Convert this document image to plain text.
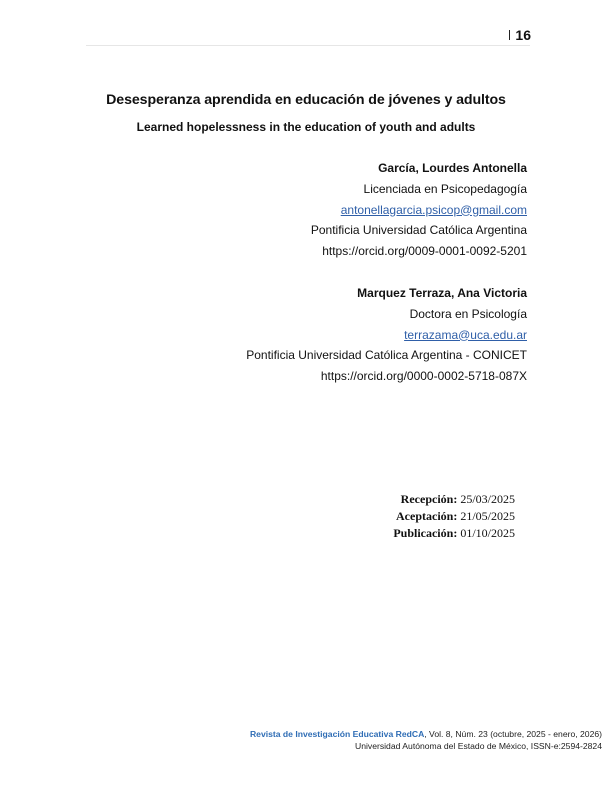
16
Desesperanza aprendida en educación de jóvenes y adultos
Learned hopelessness in the education of youth and adults
García, Lourdes Antonella
Licenciada en Psicopedagogía
antonellagarcia.psicop@gmail.com
Pontificia Universidad Católica Argentina
https://orcid.org/0009-0001-0092-5201
Marquez Terraza, Ana Victoria
Doctora en Psicología
terrazama@uca.edu.ar
Pontificia Universidad Católica Argentina - CONICET
https://orcid.org/0000-0002-5718-087X
Recepción: 25/03/2025
Aceptación: 21/05/2025
Publicación: 01/10/2025
Revista de Investigación Educativa RedCA, Vol. 8, Núm. 23 (octubre, 2025 - enero, 2026)
Universidad Autónoma del Estado de México, ISSN-e:2594-2824
